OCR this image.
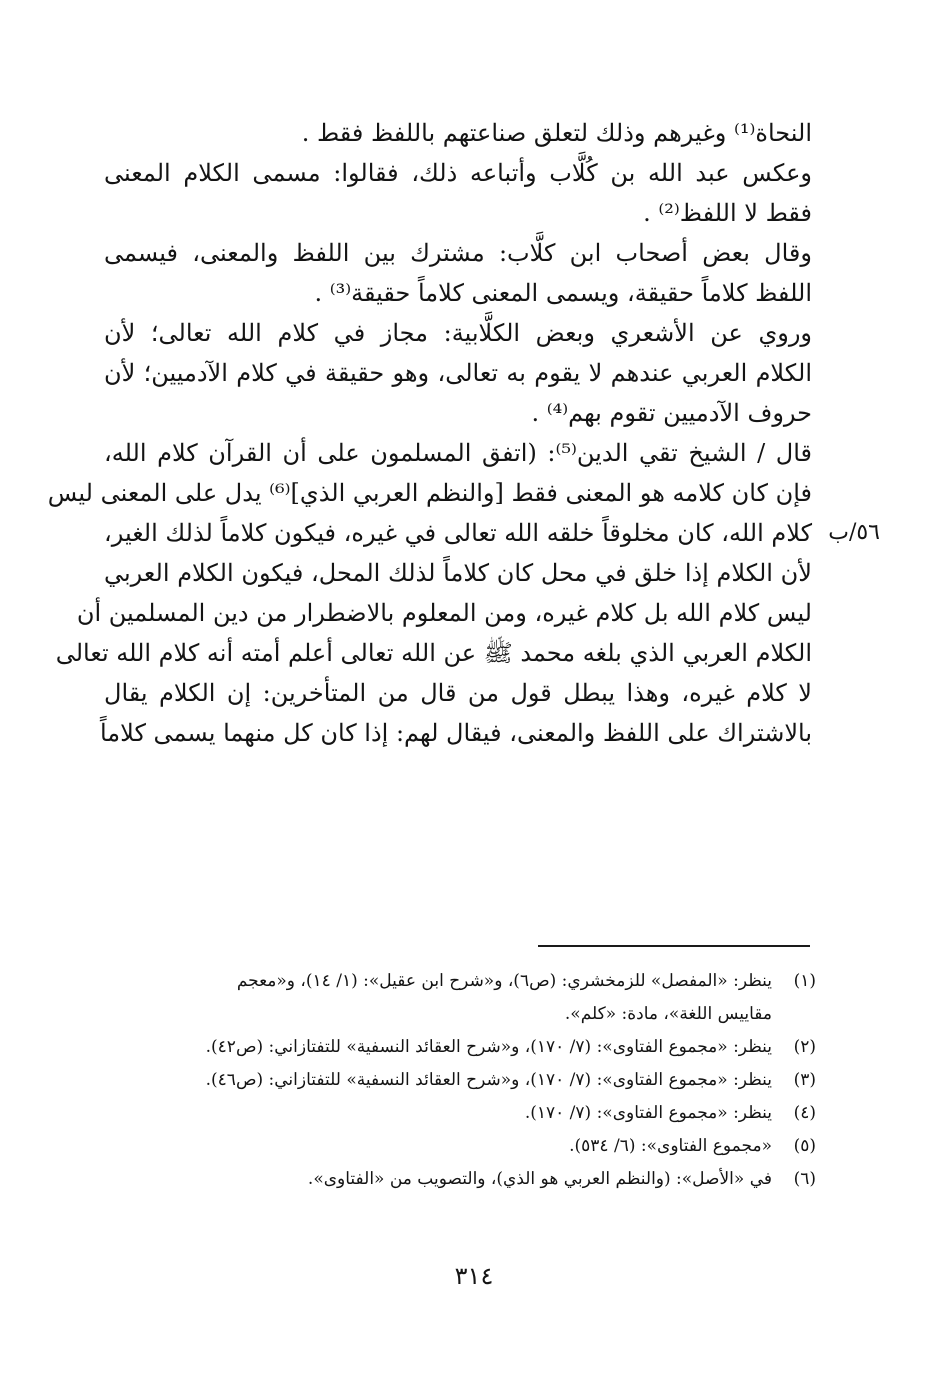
النحاة⁽¹⁾ وغيرهم وذلك لتعلق صناعتهم باللفظ فقط .
وعكس عبد الله بن كُلَّاب وأتباعه ذلك، فقالوا: مسمى الكلام المعنى
فقط لا اللفظ⁽²⁾ .
وقال بعض أصحاب ابن كلَّاب: مشترك بين اللفظ والمعنى، فيسمى
اللفظ كلاماً حقيقة، ويسمى المعنى كلاماً حقيقة⁽³⁾ .
وروي عن الأشعري وبعض الكلَّابية: مجاز في كلام الله تعالى؛ لأن
الكلام العربي عندهم لا يقوم به تعالى، وهو حقيقة في كلام الآدميين؛ لأن
حروف الآدميين تقوم بهم⁽⁴⁾ .
قال / الشيخ تقي الدين⁽⁵⁾: (اتفق المسلمون على أن القرآن كلام الله،
فإن كان كلامه هو المعنى فقط [والنظم العربي الذي]⁽⁶⁾ يدل على المعنى ليس
كلام الله، كان مخلوقاً خلقه الله تعالى في غيره، فيكون كلاماً لذلك الغير،
لأن الكلام إذا خلق في محل كان كلاماً لذلك المحل، فيكون الكلام العربي
ليس كلام الله بل كلام غيره، ومن المعلوم بالاضطرار من دين المسلمين أن
الكلام العربي الذي بلغه محمد ﷺ عن الله تعالى أعلم أمته أنه كلام الله تعالى
لا كلام غيره، وهذا يبطل قول من قال من المتأخرين: إن الكلام يقال
بالاشتراك على اللفظ والمعنى، فيقال لهم: إذا كان كل منهما يسمى كلاماً
٥٦/ب
(١)
ينظر: «المفصل» للزمخشري: (ص٦)، و«شرح ابن عقيل»: (١/ ١٤)، و«معجم
مقاييس اللغة»، مادة: «كلم».
(٢)
ينظر: «مجموع الفتاوى»: (٧/ ١٧٠)، و«شرح العقائد النسفية» للتفتازاني: (ص٤٢).
(٣)
ينظر: «مجموع الفتاوى»: (٧/ ١٧٠)، و«شرح العقائد النسفية» للتفتازاني: (ص٤٦).
(٤)
ينظر: «مجموع الفتاوى»: (٧/ ١٧٠).
(٥)
«مجموع الفتاوى»: (٦/ ٥٣٤).
(٦)
في «الأصل»: (والنظم العربي هو الذي)، والتصويب من «الفتاوى».
٣١٤
